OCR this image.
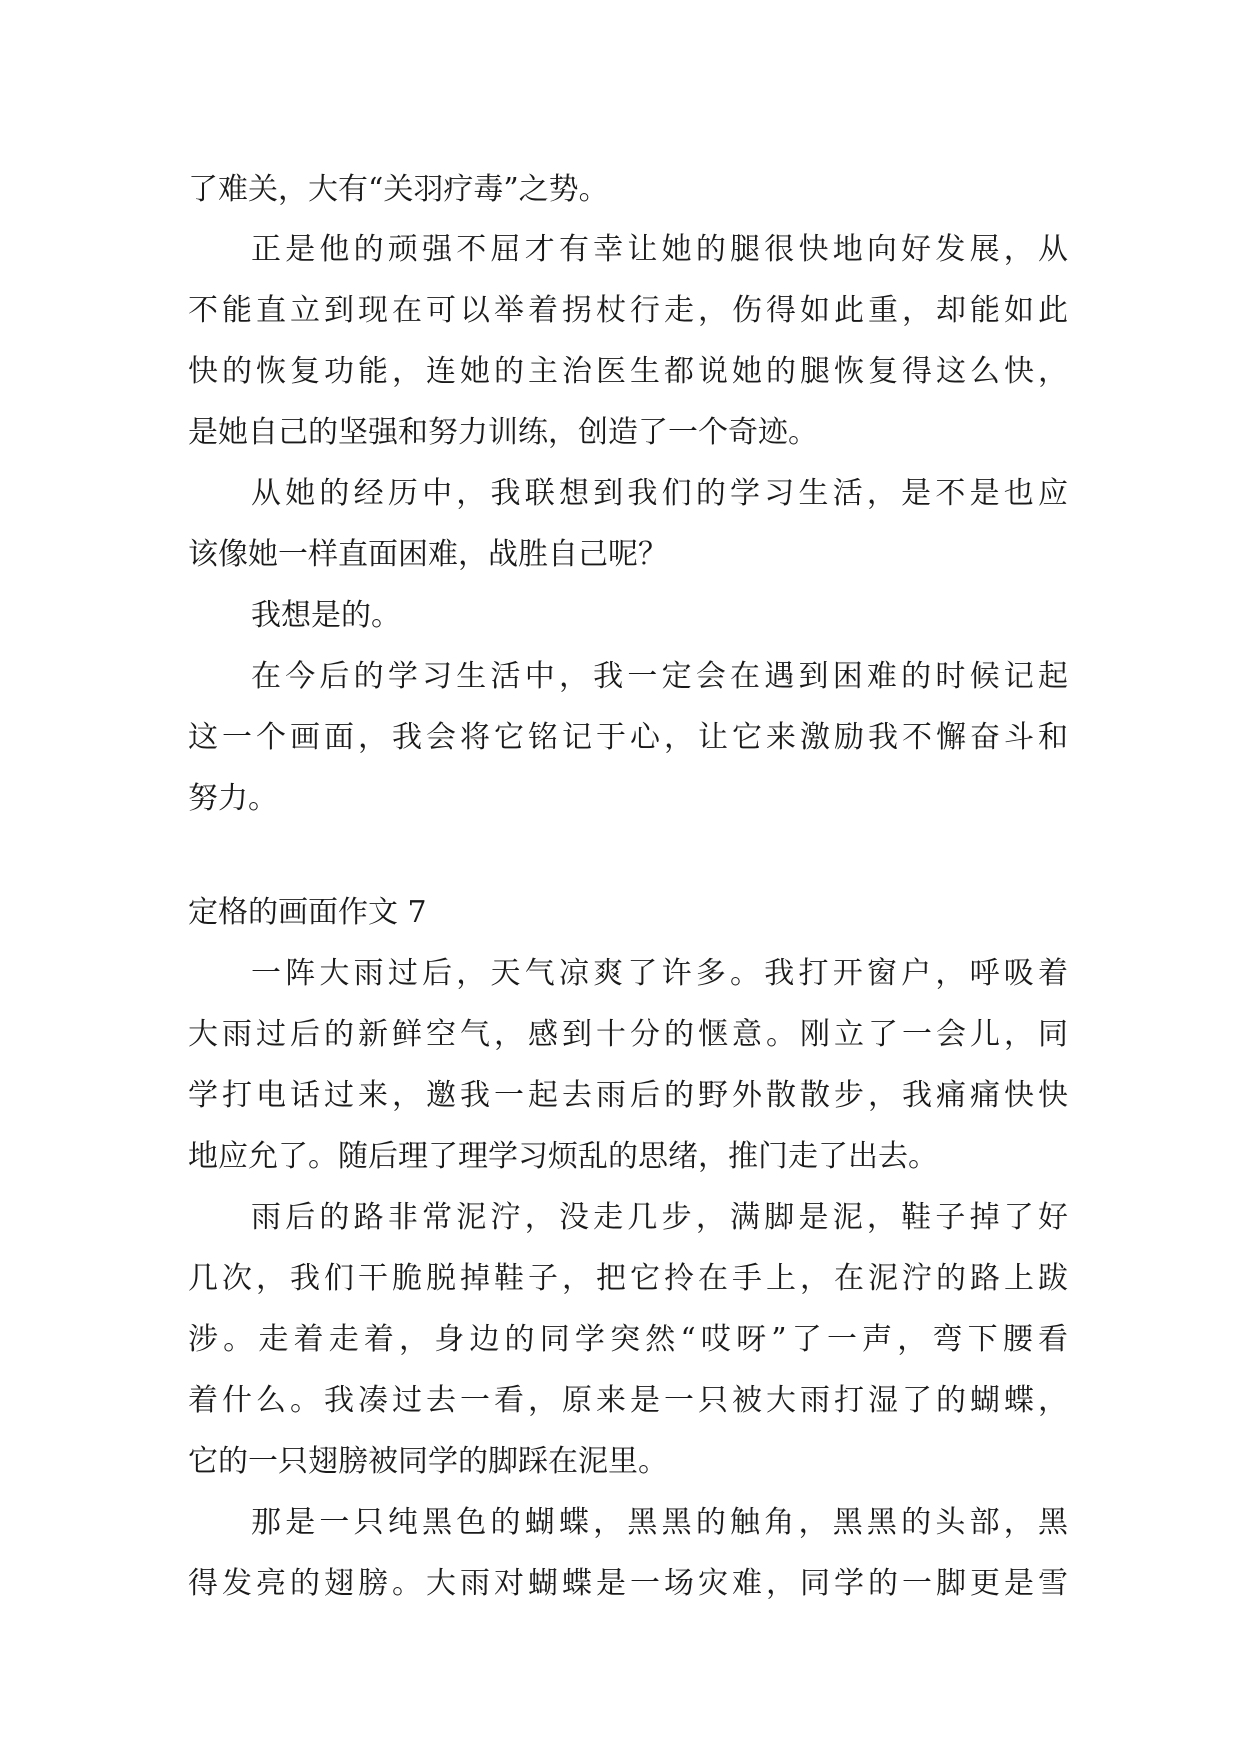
了难关，大有“关羽疗毒”之势。
正是他的顽强不屈才有幸让她的腿很快地向好发展，从
不能直立到现在可以举着拐杖行走，伤得如此重，却能如此
快的恢复功能，连她的主治医生都说她的腿恢复得这么快，
是她自己的坚强和努力训练，创造了一个奇迹。
从她的经历中，我联想到我们的学习生活，是不是也应
该像她一样直面困难，战胜自己呢？
我想是的。
在今后的学习生活中，我一定会在遇到困难的时候记起
这一个画面，我会将它铭记于心，让它来激励我不懈奋斗和
努力。
定格的画面作文 7
一阵大雨过后，天气凉爽了许多。我打开窗户，呼吸着
大雨过后的新鲜空气，感到十分的惬意。刚立了一会儿，同
学打电话过来，邀我一起去雨后的野外散散步，我痛痛快快
地应允了。随后理了理学习烦乱的思绪，推门走了出去。
雨后的路非常泥泞，没走几步，满脚是泥，鞋子掉了好
几次，我们干脆脱掉鞋子，把它拎在手上，在泥泞的路上跋
涉。走着走着，身边的同学突然“哎呀”了一声，弯下腰看
着什么。我凑过去一看，原来是一只被大雨打湿了的蝴蝶，
它的一只翅膀被同学的脚踩在泥里。
那是一只纯黑色的蝴蝶，黑黑的触角，黑黑的头部，黑
得发亮的翅膀。大雨对蝴蝶是一场灾难，同学的一脚更是雪
